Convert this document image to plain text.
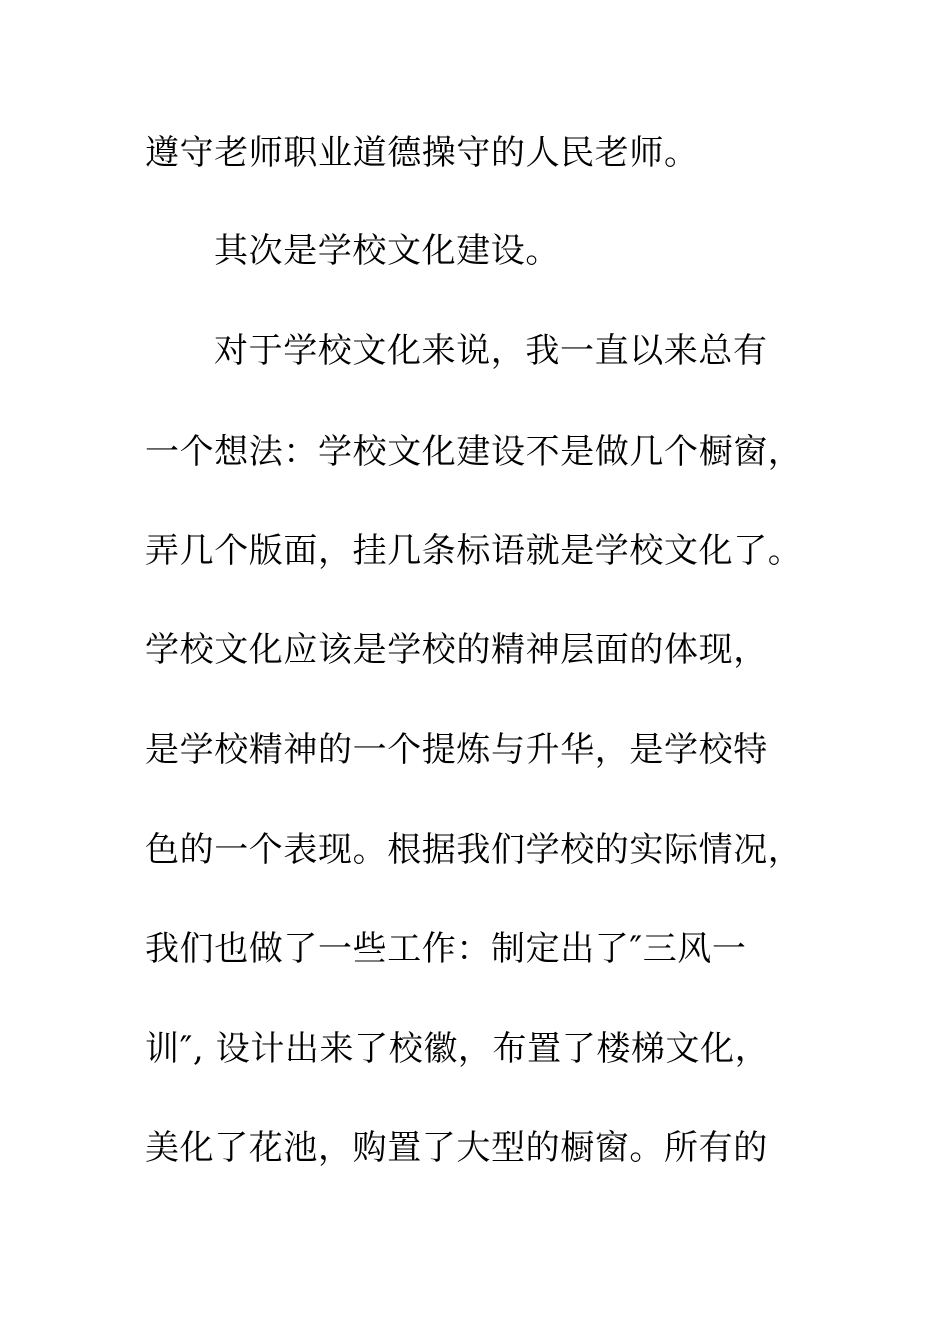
遵守老师职业道德操守的人民老师。
其次是学校文化建设。
对于学校文化来说，我一直以来总有
一个想法：学校文化建设不是做几个橱窗，
弄几个版面，挂几条标语就是学校文化了。
学校文化应该是学校的精神层面的体现，
是学校精神的一个提炼与升华，是学校特
色的一个表现。根据我们学校的实际情况，
我们也做了一些工作：制定出了″三风一
训″, 设计出来了校徽，布置了楼梯文化，
美化了花池，购置了大型的橱窗。所有的
